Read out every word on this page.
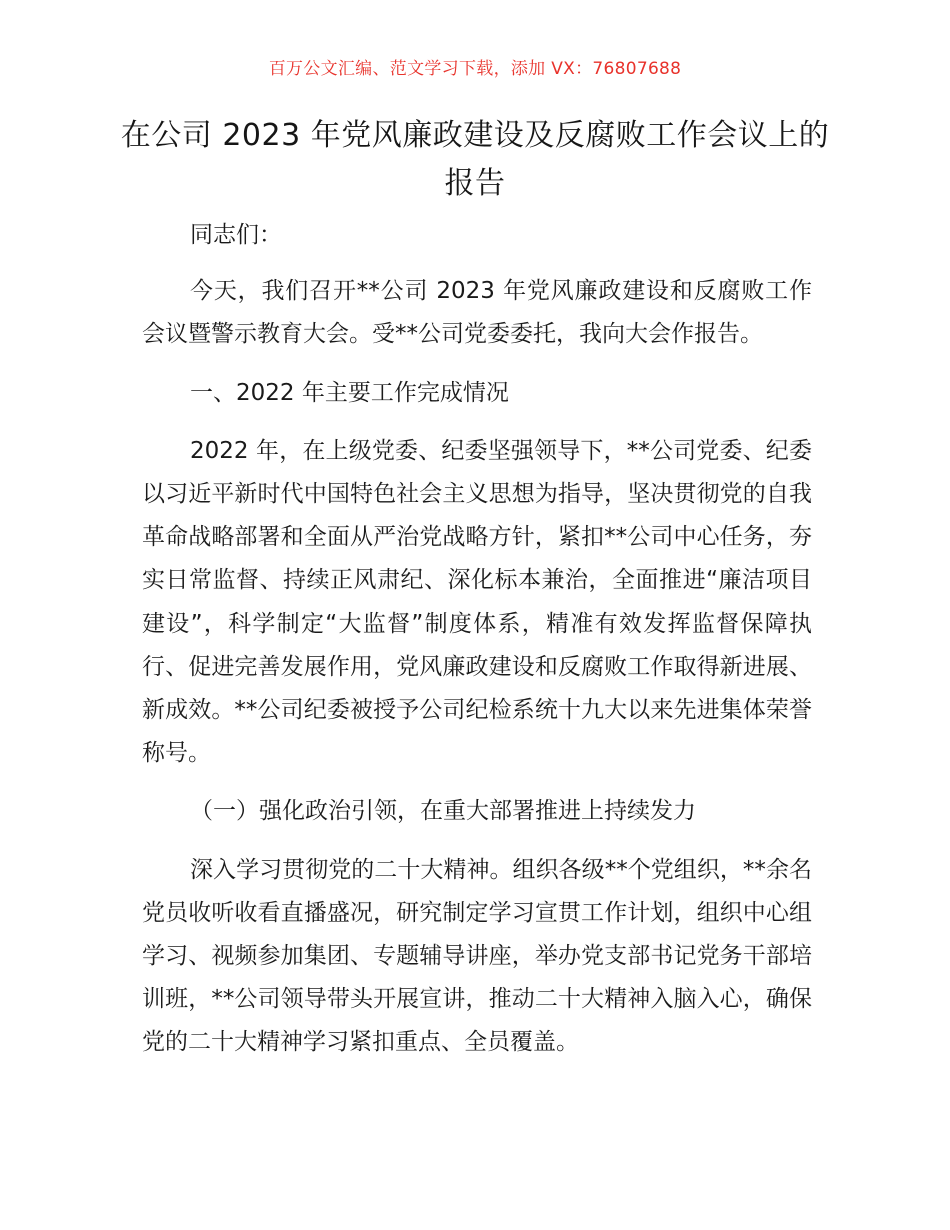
百万公文汇编、范文学习下载，添加 VX：76807688
在公司 2023 年党风廉政建设及反腐败工作会议上的报告

同志们：

今天，我们召开**公司 2023 年党风廉政建设和反腐败工作会议暨警示教育大会。受**公司党委委托，我向大会作报告。

一、2022 年主要工作完成情况

2022 年，在上级党委、纪委坚强领导下，**公司党委、纪委以习近平新时代中国特色社会主义思想为指导，坚决贯彻党的自我革命战略部署和全面从严治党战略方针，紧扣**公司中心任务，夯实日常监督、持续正风肃纪、深化标本兼治，全面推进“廉洁项目建设”，科学制定“大监督”制度体系，精准有效发挥监督保障执行、促进完善发展作用，党风廉政建设和反腐败工作取得新进展、新成效。**公司纪委被授予公司纪检系统十九大以来先进集体荣誉称号。

（一）强化政治引领，在重大部署推进上持续发力

深入学习贯彻党的二十大精神。组织各级**个党组织，**余名党员收听收看直播盛况，研究制定学习宣贯工作计划，组织中心组学习、视频参加集团、专题辅导讲座，举办党支部书记党务干部培训班，**公司领导带头开展宣讲，推动二十大精神入脑入心，确保党的二十大精神学习紧扣重点、全员覆盖。
